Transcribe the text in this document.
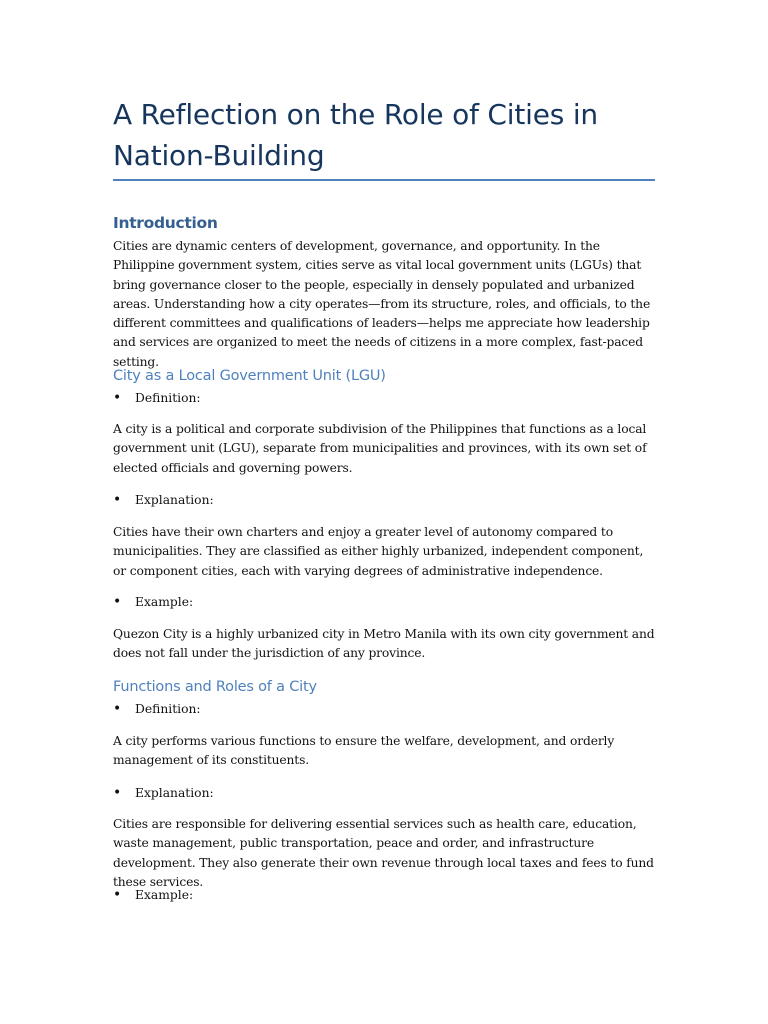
A Reflection on the Role of Cities in Nation-Building
Introduction

Cities are dynamic centers of development, governance, and opportunity. In the Philippine government system, cities serve as vital local government units (LGUs) that bring governance closer to the people, especially in densely populated and urbanized areas. Understanding how a city operates—from its structure, roles, and officials, to the different committees and qualifications of leaders—helps me appreciate how leadership and services are organized to meet the needs of citizens in a more complex, fast-paced setting.

City as a Local Government Unit (LGU)
• Definition:

A city is a political and corporate subdivision of the Philippines that functions as a local government unit (LGU), separate from municipalities and provinces, with its own set of elected officials and governing powers.

• Explanation:

Cities have their own charters and enjoy a greater level of autonomy compared to municipalities. They are classified as either highly urbanized, independent component, or component cities, each with varying degrees of administrative independence.

• Example:

Quezon City is a highly urbanized city in Metro Manila with its own city government and does not fall under the jurisdiction of any province.

Functions and Roles of a City
• Definition:

A city performs various functions to ensure the welfare, development, and orderly management of its constituents.

• Explanation:

Cities are responsible for delivering essential services such as health care, education, waste management, public transportation, peace and order, and infrastructure development. They also generate their own revenue through local taxes and fees to fund these services.

• Example:
